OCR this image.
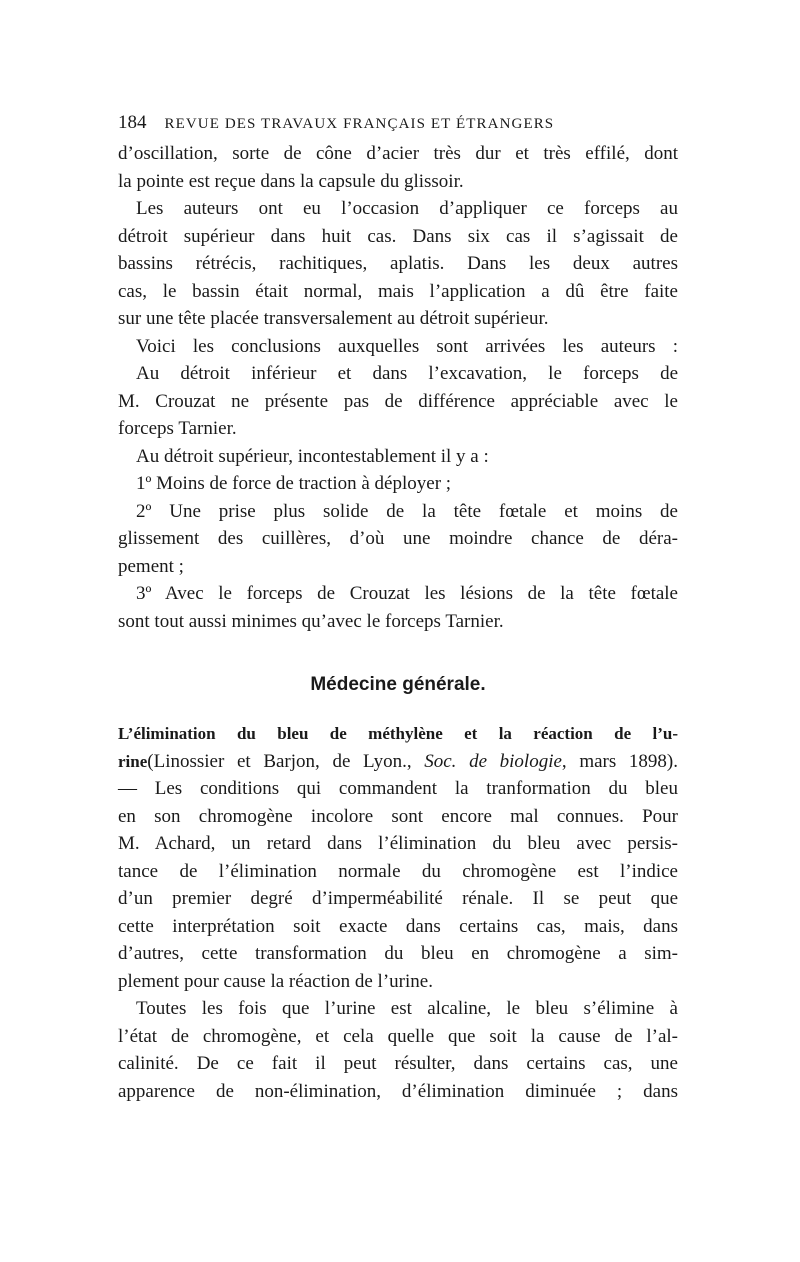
184 REVUE DES TRAVAUX FRANÇAIS ET ÉTRANGERS
d’oscillation, sorte de cône d’acier très dur et très effilé, dont
la pointe est reçue dans la capsule du glissoir.
Les auteurs ont eu l’occasion d’appliquer ce forceps au
détroit supérieur dans huit cas. Dans six cas il s’agissait de
bassins rétrécis, rachitiques, aplatis. Dans les deux autres
cas, le bassin était normal, mais l’application a dû être faite
sur une tête placée transversalement au détroit supérieur.
Voici les conclusions auxquelles sont arrivées les auteurs :
Au détroit inférieur et dans l’excavation, le forceps de
M. Crouzat ne présente pas de différence appréciable avec le
forceps Tarnier.
Au détroit supérieur, incontestablement il y a :
1º Moins de force de traction à déployer ;
2º Une prise plus solide de la tête fœtale et moins de
glissement des cuillères, d’où une moindre chance de déra-
pement ;
3º Avec le forceps de Crouzat les lésions de la tête fœtale
sont tout aussi minimes qu’avec le forceps Tarnier.
Médecine générale.
L’élimination du bleu de méthylène et la réaction de l’u-
rine(Linossier et Barjon, de Lyon., Soc. de biologie, mars 1898).
— Les conditions qui commandent la tranformation du bleu
en son chromogène incolore sont encore mal connues. Pour
M. Achard, un retard dans l’élimination du bleu avec persis-
tance de l’élimination normale du chromogène est l’indice
d’un premier degré d’imperméabilité rénale. Il se peut que
cette interprétation soit exacte dans certains cas, mais, dans
d’autres, cette transformation du bleu en chromogène a sim-
plement pour cause la réaction de l’urine.
Toutes les fois que l’urine est alcaline, le bleu s’élimine à
l’état de chromogène, et cela quelle que soit la cause de l’al-
calinité. De ce fait il peut résulter, dans certains cas, une
apparence de non-élimination, d’élimination diminuée ; dans
